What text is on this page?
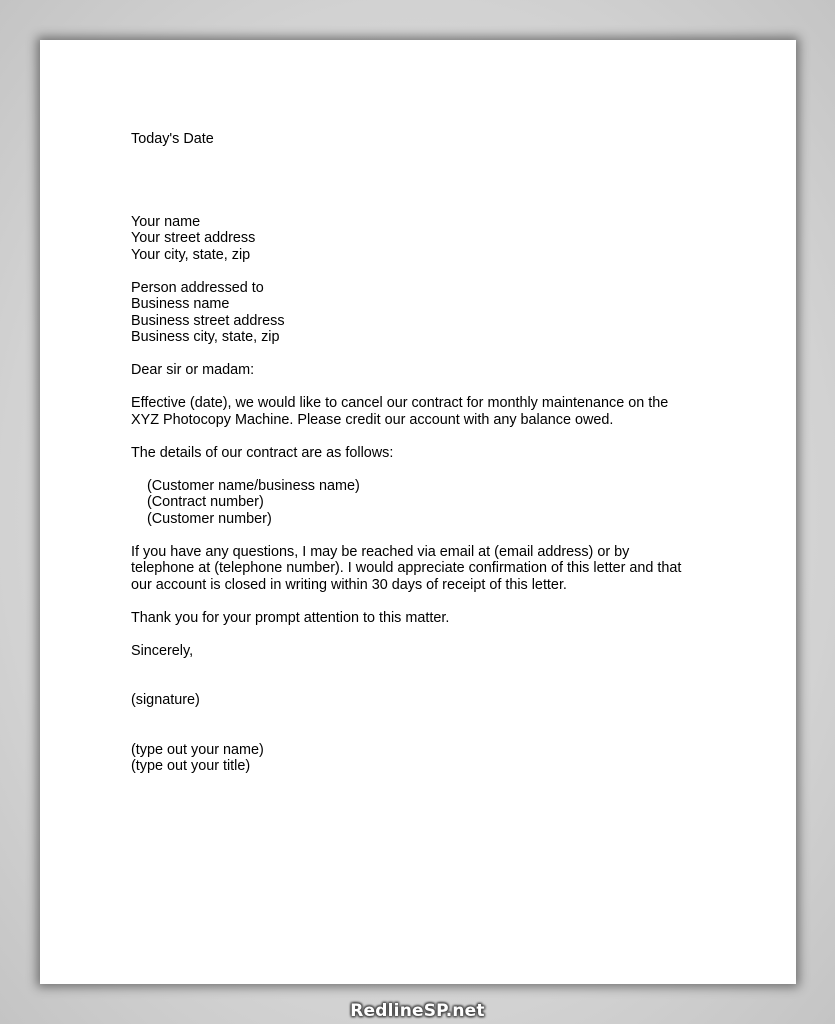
Today's Date
Your name
Your street address
Your city, state, zip
Person addressed to
Business name
Business street address
Business city, state, zip
Dear sir or madam:
Effective (date), we would like to cancel our contract for monthly maintenance on the
XYZ Photocopy Machine. Please credit our account with any balance owed.
The details of our contract are as follows:
(Customer name/business name)
(Contract number)
(Customer number)
If you have any questions, I may be reached via email at (email address) or by
telephone at (telephone number). I would appreciate confirmation of this letter and that
our account is closed in writing within 30 days of receipt of this letter.
Thank you for your prompt attention to this matter.
Sincerely,
(signature)
(type out your name)
(type out your title)
RedlineSP.net
